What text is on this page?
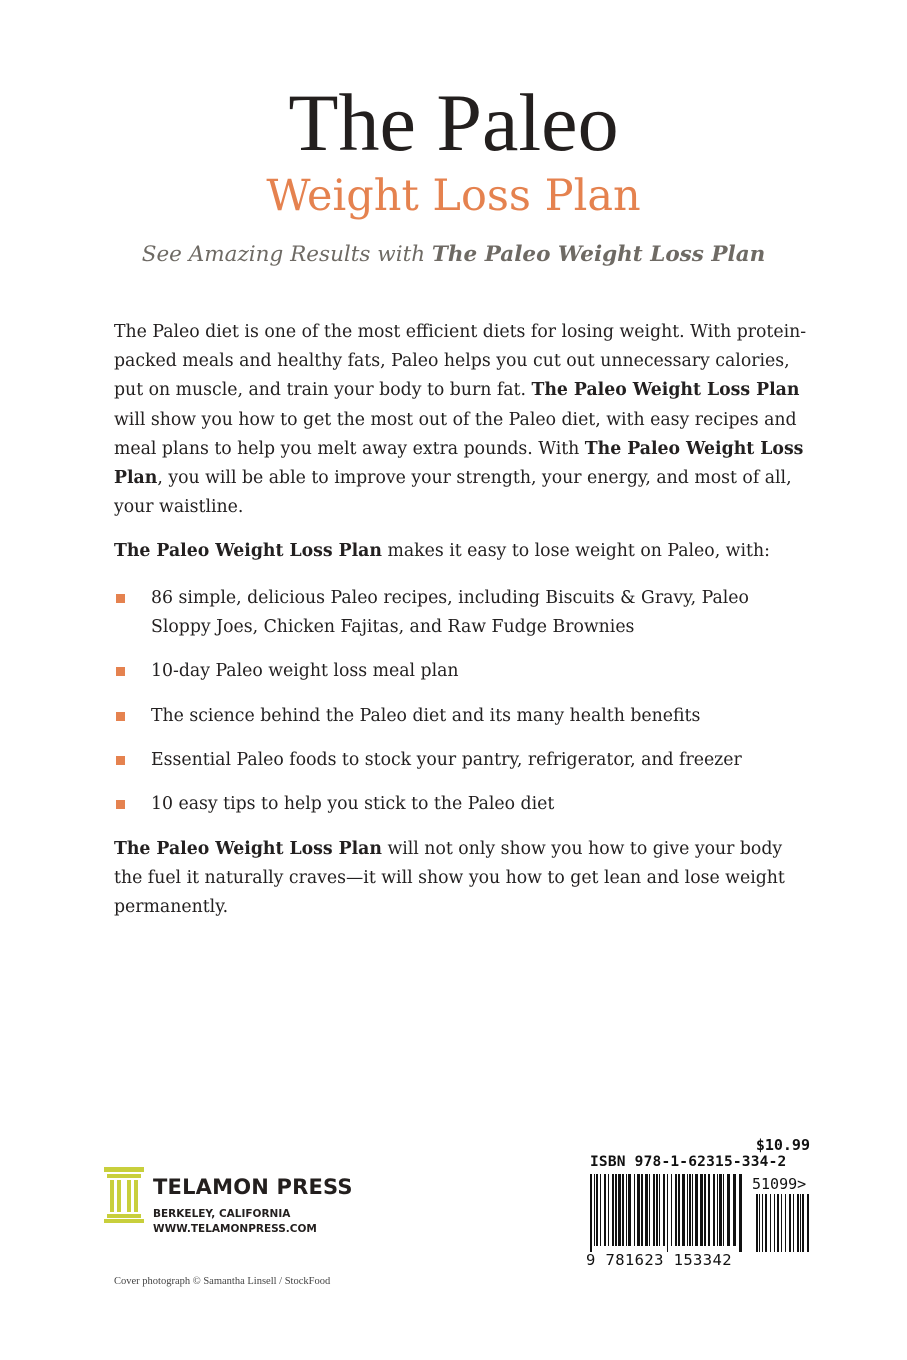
The Paleo
Weight Loss Plan
See Amazing Results with The Paleo Weight Loss Plan
The Paleo diet is one of the most efficient diets for losing weight. With protein-packed meals and healthy fats, Paleo helps you cut out unnecessary calories, put on muscle, and train your body to burn fat. The Paleo Weight Loss Plan will show you how to get the most out of the Paleo diet, with easy recipes and meal plans to help you melt away extra pounds. With The Paleo Weight Loss Plan, you will be able to improve your strength, your energy, and most of all, your waistline.
The Paleo Weight Loss Plan makes it easy to lose weight on Paleo, with:
86 simple, delicious Paleo recipes, including Biscuits & Gravy, Paleo Sloppy Joes, Chicken Fajitas, and Raw Fudge Brownies
10-day Paleo weight loss meal plan
The science behind the Paleo diet and its many health benefits
Essential Paleo foods to stock your pantry, refrigerator, and freezer
10 easy tips to help you stick to the Paleo diet
The Paleo Weight Loss Plan will not only show you how to give your body the fuel it naturally craves—it will show you how to get lean and lose weight permanently.
TELAMON PRESS
BERKELEY, CALIFORNIA
WWW.TELAMONPRESS.COM
Cover photograph © Samantha Linsell / StockFood
$10.99
ISBN 978-1-62315-334-2
51099>
9 781623 153342
